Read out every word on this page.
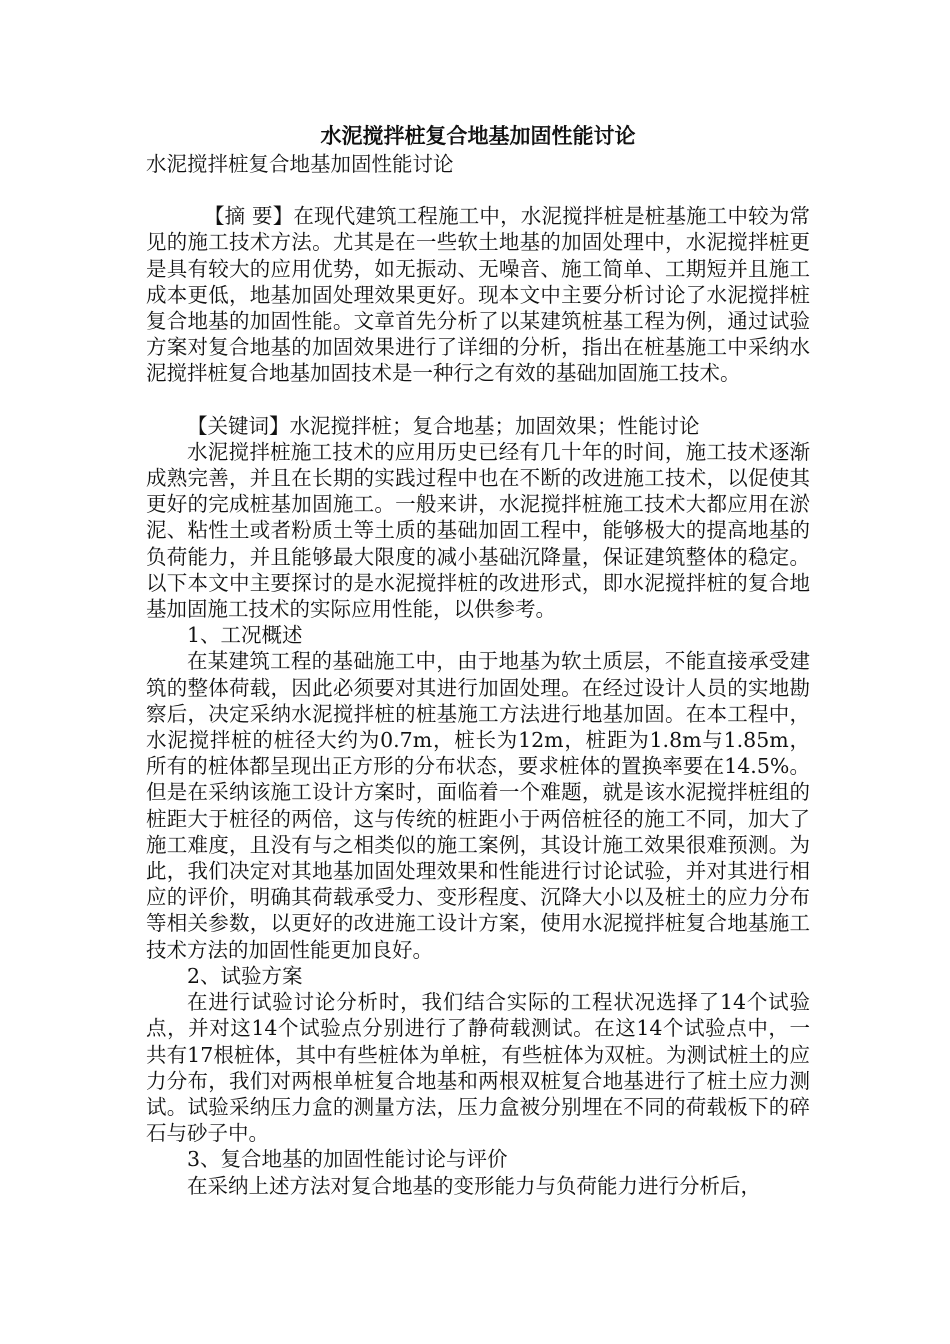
水泥搅拌桩复合地基加固性能讨论

水泥搅拌桩复合地基加固性能讨论

【摘 要】在现代建筑工程施工中，水泥搅拌桩是桩基施工中较为常见的施工技术方法。尤其是在一些软土地基的加固处理中，水泥搅拌桩更是具有较大的应用优势，如无振动、无噪音、施工简单、工期短并且施工成本更低，地基加固处理效果更好。现本文中主要分析讨论了水泥搅拌桩复合地基的加固性能。文章首先分析了以某建筑桩基工程为例，通过试验方案对复合地基的加固效果进行了详细的分析，指出在桩基施工中采纳水泥搅拌桩复合地基加固技术是一种行之有效的基础加固施工技术。

【关键词】水泥搅拌桩；复合地基；加固效果；性能讨论

水泥搅拌桩施工技术的应用历史已经有几十年的时间，施工技术逐渐成熟完善，并且在长期的实践过程中也在不断的改进施工技术，以促使其更好的完成桩基加固施工。一般来讲，水泥搅拌桩施工技术大都应用在淤泥、粘性土或者粉质土等土质的基础加固工程中，能够极大的提高地基的负荷能力，并且能够最大限度的减小基础沉降量，保证建筑整体的稳定。以下本文中主要探讨的是水泥搅拌桩的改进形式，即水泥搅拌桩的复合地基加固施工技术的实际应用性能，以供参考。

1、工况概述

在某建筑工程的基础施工中，由于地基为软土质层，不能直接承受建筑的整体荷载，因此必须要对其进行加固处理。在经过设计人员的实地勘察后，决定采纳水泥搅拌桩的桩基施工方法进行地基加固。在本工程中，水泥搅拌桩的桩径大约为0.7m，桩长为12m，桩距为1.8m与1.85m，所有的桩体都呈现出正方形的分布状态，要求桩体的置换率要在14.5%。但是在采纳该施工设计方案时，面临着一个难题，就是该水泥搅拌桩组的桩距大于桩径的两倍，这与传统的桩距小于两倍桩径的施工不同，加大了施工难度，且没有与之相类似的施工案例，其设计施工效果很难预测。为此，我们决定对其地基加固处理效果和性能进行讨论试验，并对其进行相应的评价，明确其荷载承受力、变形程度、沉降大小以及桩土的应力分布等相关参数，以更好的改进施工设计方案，使用水泥搅拌桩复合地基施工技术方法的加固性能更加良好。

2、试验方案

在进行试验讨论分析时，我们结合实际的工程状况选择了14个试验点，并对这14个试验点分别进行了静荷载测试。在这14个试验点中，一共有17根桩体，其中有些桩体为单桩，有些桩体为双桩。为测试桩土的应力分布，我们对两根单桩复合地基和两根双桩复合地基进行了桩土应力测试。试验采纳压力盒的测量方法，压力盒被分别埋在不同的荷载板下的碎石与砂子中。

3、复合地基的加固性能讨论与评价

在采纳上述方法对复合地基的变形能力与负荷能力进行分析后，
